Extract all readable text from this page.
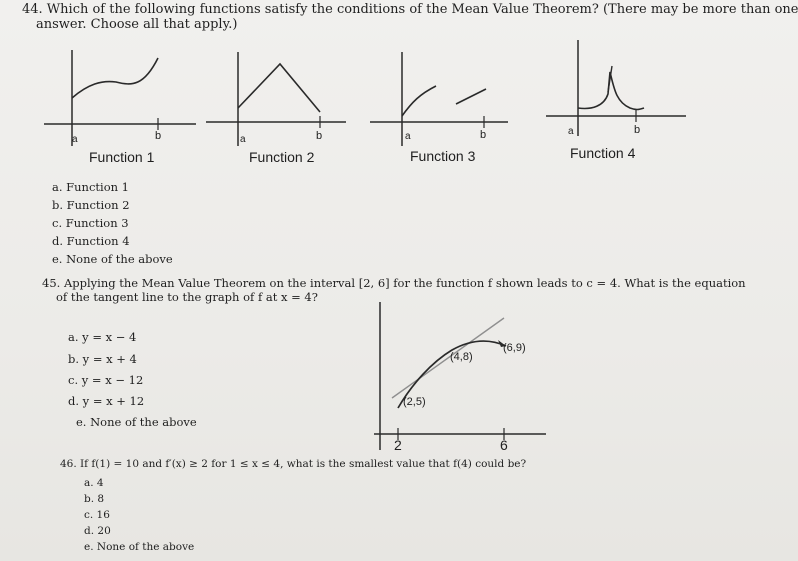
44. Which of the following functions satisfy the conditions of the Mean Value Theorem? (There may be more than one
answer. Choose all that apply.)
a	b
Function 1
a	b
Function 2
a	b
Function 3
a	b
Function 4
a. Function 1
b. Function 2
c. Function 3
d. Function 4
e. None of the above
45. Applying the Mean Value Theorem on the interval [2, 6] for the function f shown leads to c = 4. What is the equation
of the tangent line to the graph of f at x = 4?
a. y = x − 4
b. y = x + 4
c. y = x − 12
d. y = x + 12
e. None of the above
(2,5)
(4,8)
(6,9)
2	6
46. If f(1) = 10 and f′(x) ≥ 2 for 1 ≤ x ≤ 4, what is the smallest value that f(4) could be?
a. 4
b. 8
c. 16
d. 20
e. None of the above
